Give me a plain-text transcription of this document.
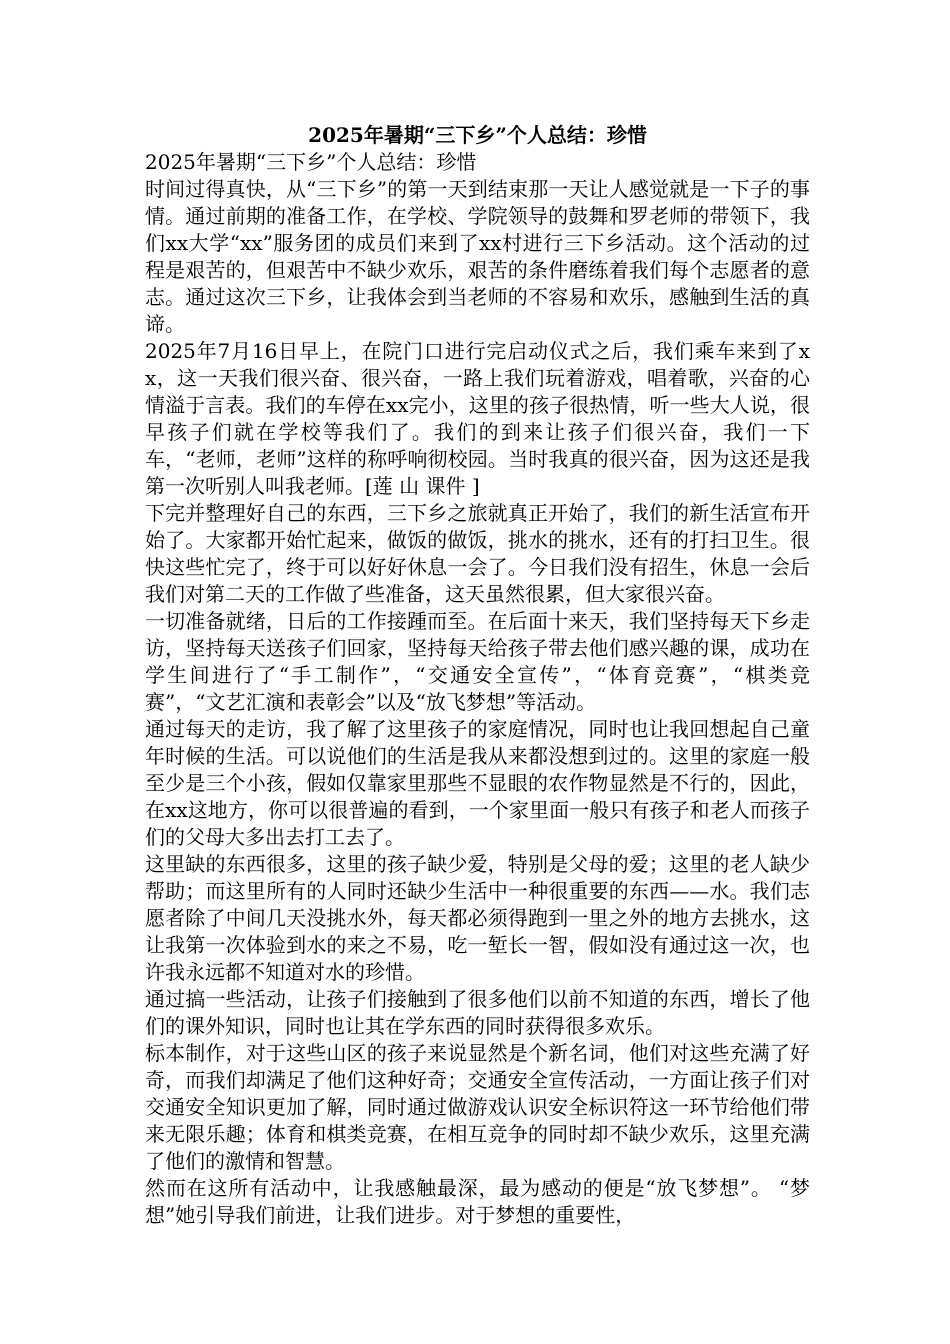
2025年暑期“三下乡”个人总结：珍惜

2025年暑期“三下乡”个人总结：珍惜

时间过得真快，从“三下乡”的第一天到结束那一天让人感觉就是一下子的事情。通过前期的准备工作，在学校、学院领导的鼓舞和罗老师的带领下，我们xx大学“xx”服务团的成员们来到了xx村进行三下乡活动。这个活动的过程是艰苦的，但艰苦中不缺少欢乐，艰苦的条件磨练着我们每个志愿者的意志。通过这次三下乡，让我体会到当老师的不容易和欢乐，感触到生活的真谛。

2025年7月16日早上，在院门口进行完启动仪式之后，我们乘车来到了xx，这一天我们很兴奋、很兴奋，一路上我们玩着游戏，唱着歌，兴奋的心情溢于言表。我们的车停在xx完小，这里的孩子很热情，听一些大人说，很早孩子们就在学校等我们了。我们的到来让孩子们很兴奋，我们一下车，“老师，老师”这样的称呼响彻校园。当时我真的很兴奋，因为这还是我第一次听别人叫我老师。[莲 山 课件 ]

下完并整理好自己的东西，三下乡之旅就真正开始了，我们的新生活宣布开始了。大家都开始忙起来，做饭的做饭，挑水的挑水，还有的打扫卫生。很快这些忙完了，终于可以好好休息一会了。今日我们没有招生，休息一会后我们对第二天的工作做了些准备，这天虽然很累，但大家很兴奋。

一切准备就绪，日后的工作接踵而至。在后面十来天，我们坚持每天下乡走访，坚持每天送孩子们回家，坚持每天给孩子带去他们感兴趣的课，成功在学生间进行了“手工制作”，“交通安全宣传”，“体育竞赛”，“棋类竞赛”，“文艺汇演和表彰会”以及“放飞梦想”等活动。

通过每天的走访，我了解了这里孩子的家庭情况，同时也让我回想起自己童年时候的生活。可以说他们的生活是我从来都没想到过的。这里的家庭一般至少是三个小孩，假如仅靠家里那些不显眼的农作物显然是不行的，因此，在xx这地方，你可以很普遍的看到，一个家里面一般只有孩子和老人而孩子们的父母大多出去打工去了。

这里缺的东西很多，这里的孩子缺少爱，特别是父母的爱；这里的老人缺少帮助；而这里所有的人同时还缺少生活中一种很重要的东西——水。我们志愿者除了中间几天没挑水外，每天都必须得跑到一里之外的地方去挑水，这让我第一次体验到水的来之不易，吃一堑长一智，假如没有通过这一次，也许我永远都不知道对水的珍惜。

通过搞一些活动，让孩子们接触到了很多他们以前不知道的东西，增长了他们的课外知识，同时也让其在学东西的同时获得很多欢乐。

标本制作，对于这些山区的孩子来说显然是个新名词，他们对这些充满了好奇，而我们却满足了他们这种好奇；交通安全宣传活动，一方面让孩子们对交通安全知识更加了解，同时通过做游戏认识安全标识符这一环节给他们带来无限乐趣；体育和棋类竞赛，在相互竞争的同时却不缺少欢乐，这里充满了他们的激情和智慧。

然而在这所有活动中，让我感触最深，最为感动的便是“放飞梦想”。 “梦想”她引导我们前进，让我们进步。对于梦想的重要性，
